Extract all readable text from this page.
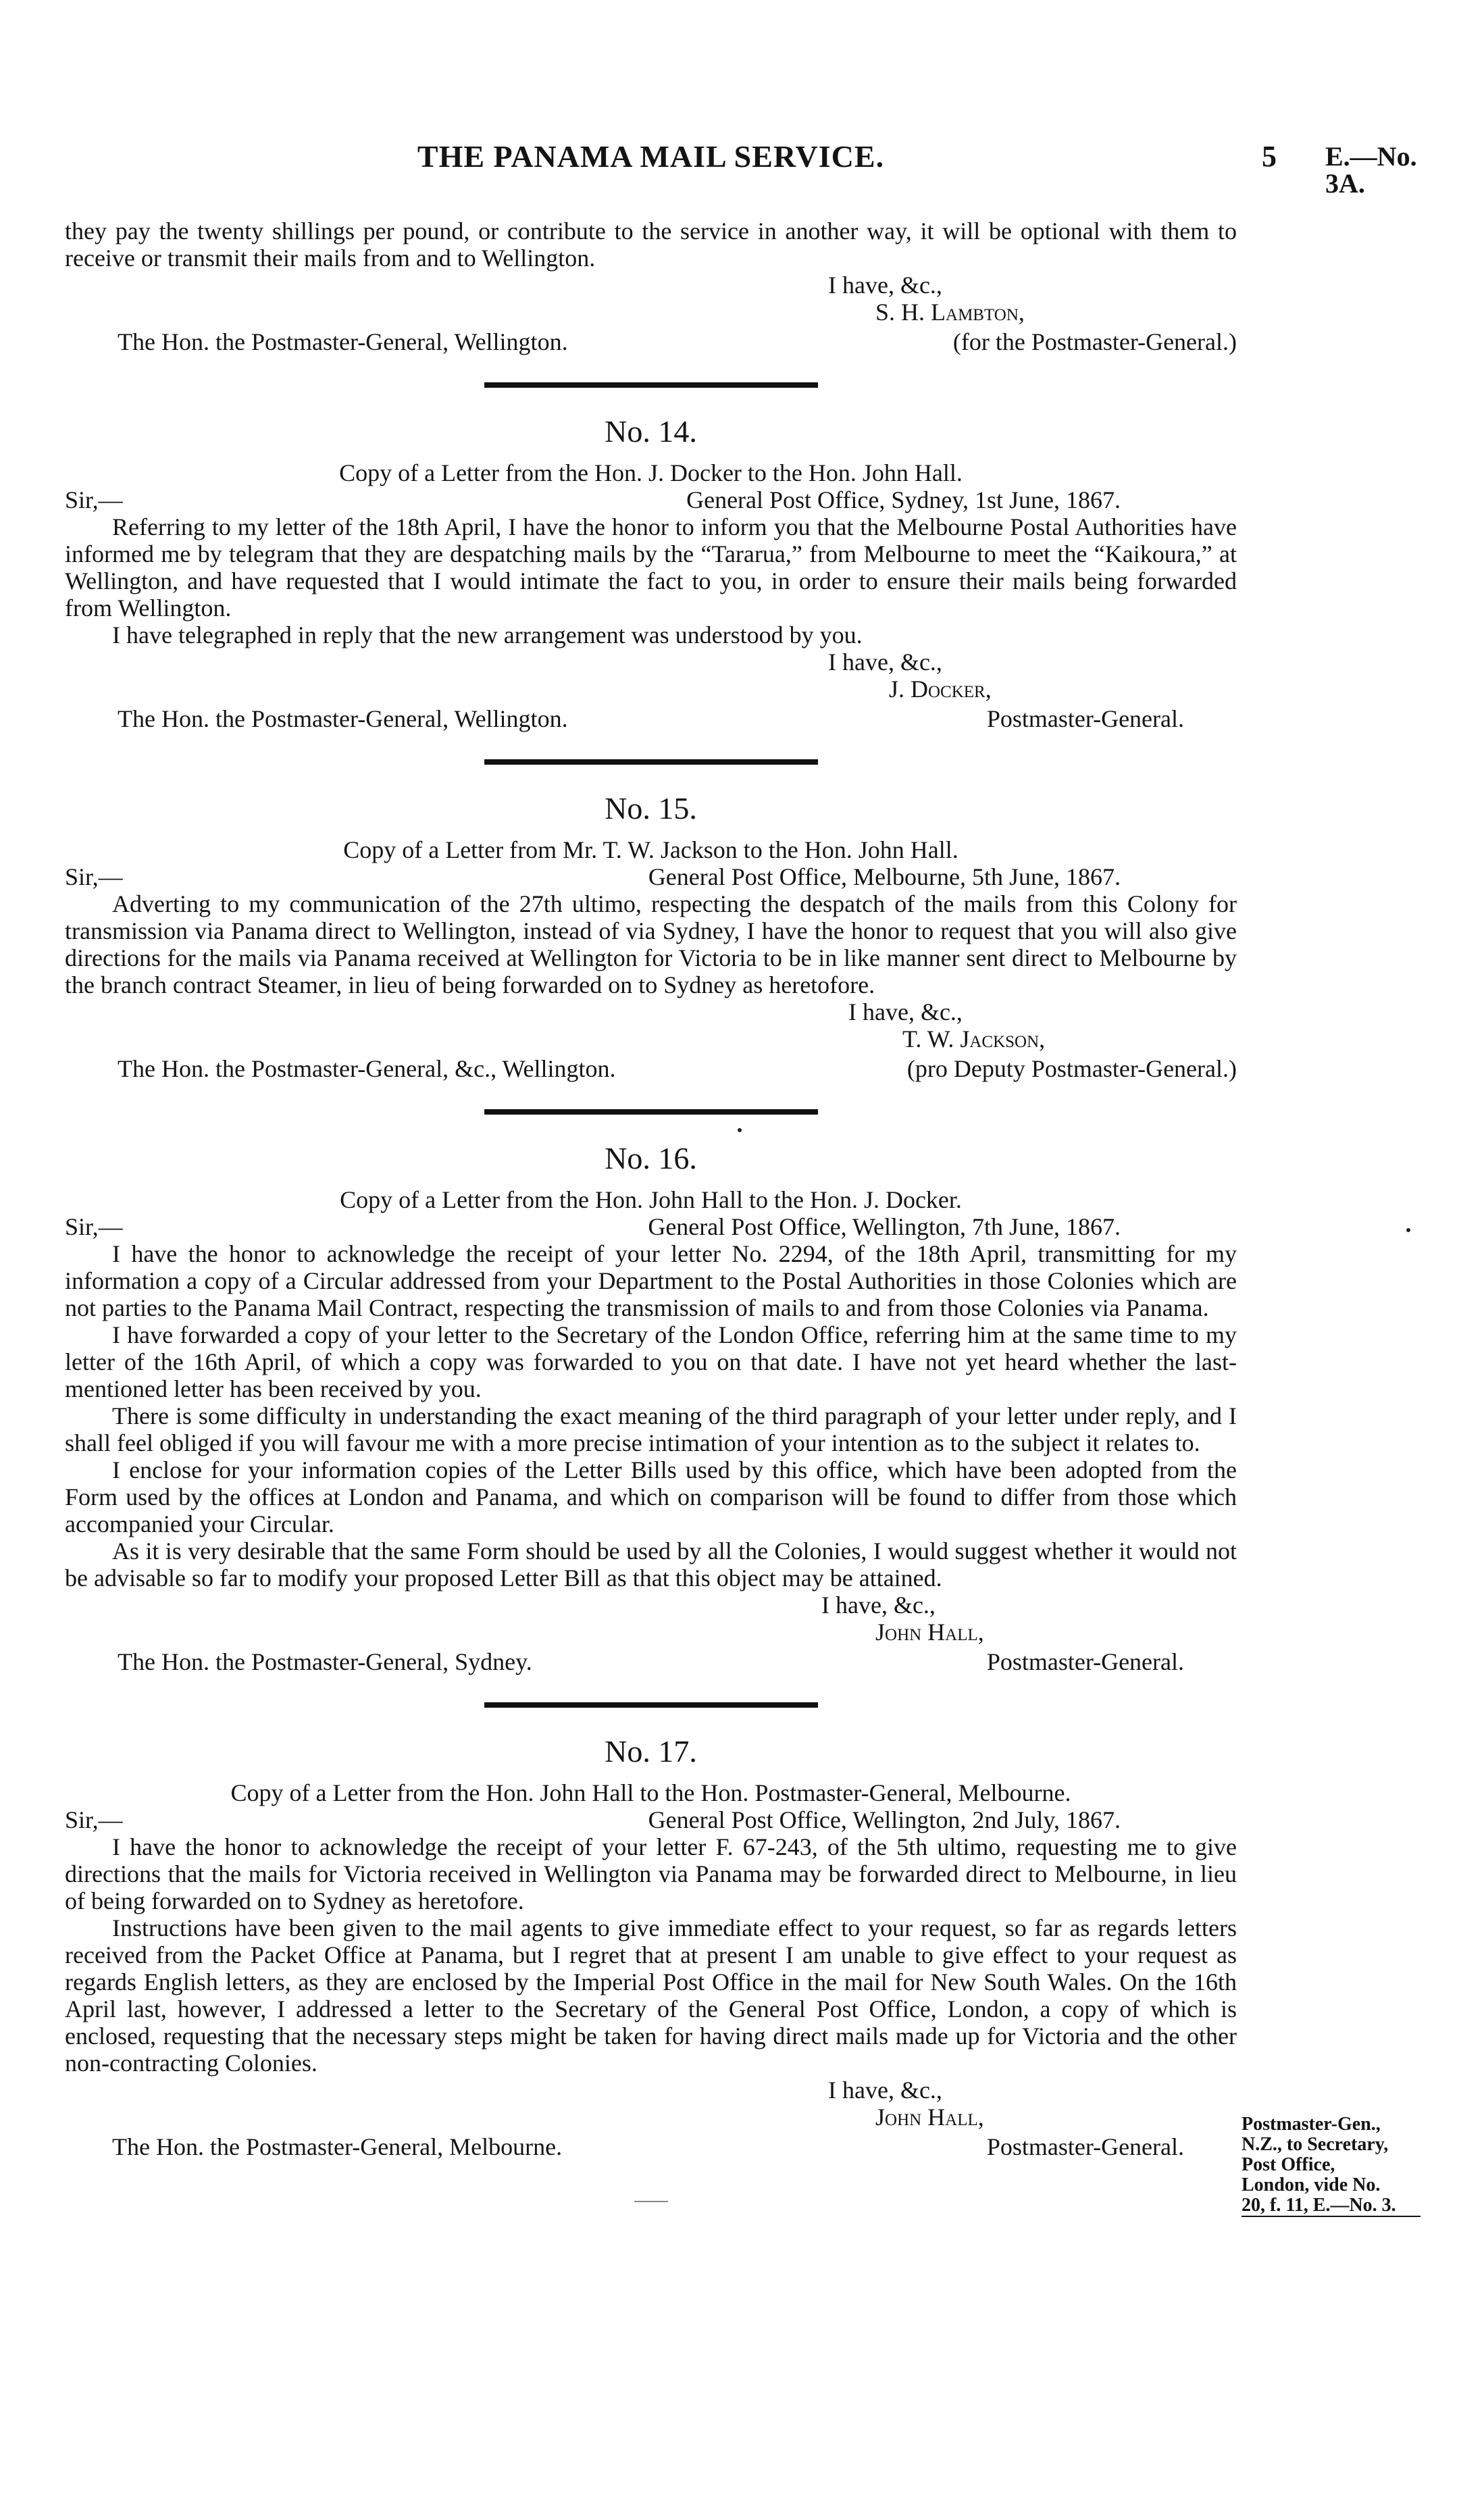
THE PANAMA MAIL SERVICE.	5 E.—No. 3A.

they pay the twenty shillings per pound, or contribute to the service in another way, it will be optional with them to receive or transmit their mails from and to Wellington.

I have, &c.,

S. H. Lambton,

The Hon. the Postmaster-General, Wellington.	(for the Postmaster-General.)
No. 14.
Copy of a Letter from the Hon. J. Docker to the Hon. John Hall.
Sir,—	General Post Office, Sydney, 1st June, 1867.

Referring to my letter of the 18th April, I have the honor to inform you that the Melbourne Postal Authorities have informed me by telegram that they are despatching mails by the “Tararua,” from Melbourne to meet the “Kaikoura,” at Wellington, and have requested that I would intimate the fact to you, in order to ensure their mails being forwarded from Wellington.

I have telegraphed in reply that the new arrangement was understood by you.

I have, &c.,

J. Docker,

The Hon. the Postmaster-General, Wellington.	Postmaster-General.
No. 15.
Copy of a Letter from Mr. T. W. Jackson to the Hon. John Hall.
Sir,—	General Post Office, Melbourne, 5th June, 1867.

Adverting to my communication of the 27th ultimo, respecting the despatch of the mails from this Colony for transmission via Panama direct to Wellington, instead of via Sydney, I have the honor to request that you will also give directions for the mails via Panama received at Wellington for Victoria to be in like manner sent direct to Melbourne by the branch contract Steamer, in lieu of being forwarded on to Sydney as heretofore.

I have, &c.,

T. W. Jackson,

The Hon. the Postmaster-General, &c., Wellington.	(pro Deputy Postmaster-General.)
No. 16.
Copy of a Letter from the Hon. John Hall to the Hon. J. Docker.
Sir,—	General Post Office, Wellington, 7th June, 1867.

I have the honor to acknowledge the receipt of your letter No. 2294, of the 18th April, transmitting for my information a copy of a Circular addressed from your Department to the Postal Authorities in those Colonies which are not parties to the Panama Mail Contract, respecting the transmission of mails to and from those Colonies via Panama.

I have forwarded a copy of your letter to the Secretary of the London Office, referring him at the same time to my letter of the 16th April, of which a copy was forwarded to you on that date. I have not yet heard whether the last-mentioned letter has been received by you.

There is some difficulty in understanding the exact meaning of the third paragraph of your letter under reply, and I shall feel obliged if you will favour me with a more precise intimation of your intention as to the subject it relates to.

I enclose for your information copies of the Letter Bills used by this office, which have been adopted from the Form used by the offices at London and Panama, and which on comparison will be found to differ from those which accompanied your Circular.

As it is very desirable that the same Form should be used by all the Colonies, I would suggest whether it would not be advisable so far to modify your proposed Letter Bill as that this object may be attained.

I have, &c.,

John Hall,

The Hon. the Postmaster-General, Sydney.	Postmaster-General.
No. 17.
Copy of a Letter from the Hon. John Hall to the Hon. Postmaster-General, Melbourne.
Sir,—	General Post Office, Wellington, 2nd July, 1867.

I have the honor to acknowledge the receipt of your letter F. 67-243, of the 5th ultimo, requesting me to give directions that the mails for Victoria received in Wellington via Panama may be forwarded direct to Melbourne, in lieu of being forwarded on to Sydney as heretofore.

Instructions have been given to the mail agents to give immediate effect to your request, so far as regards letters received from the Packet Office at Panama, but I regret that at present I am unable to give effect to your request as regards English letters, as they are enclosed by the Imperial Post Office in the mail for New South Wales. On the 16th April last, however, I addressed a letter to the Secretary of the General Post Office, London, a copy of which is enclosed, requesting that the necessary steps might be taken for having direct mails made up for Victoria and the other non-contracting Colonies.

I have, &c.,

John Hall,

The Hon. the Postmaster-General, Melbourne.	Postmaster-General.
Postmaster-Gen.,
N.Z., to Secretary,
Post Office,
London, vide No.
20, f. 11, E.—No. 3.
